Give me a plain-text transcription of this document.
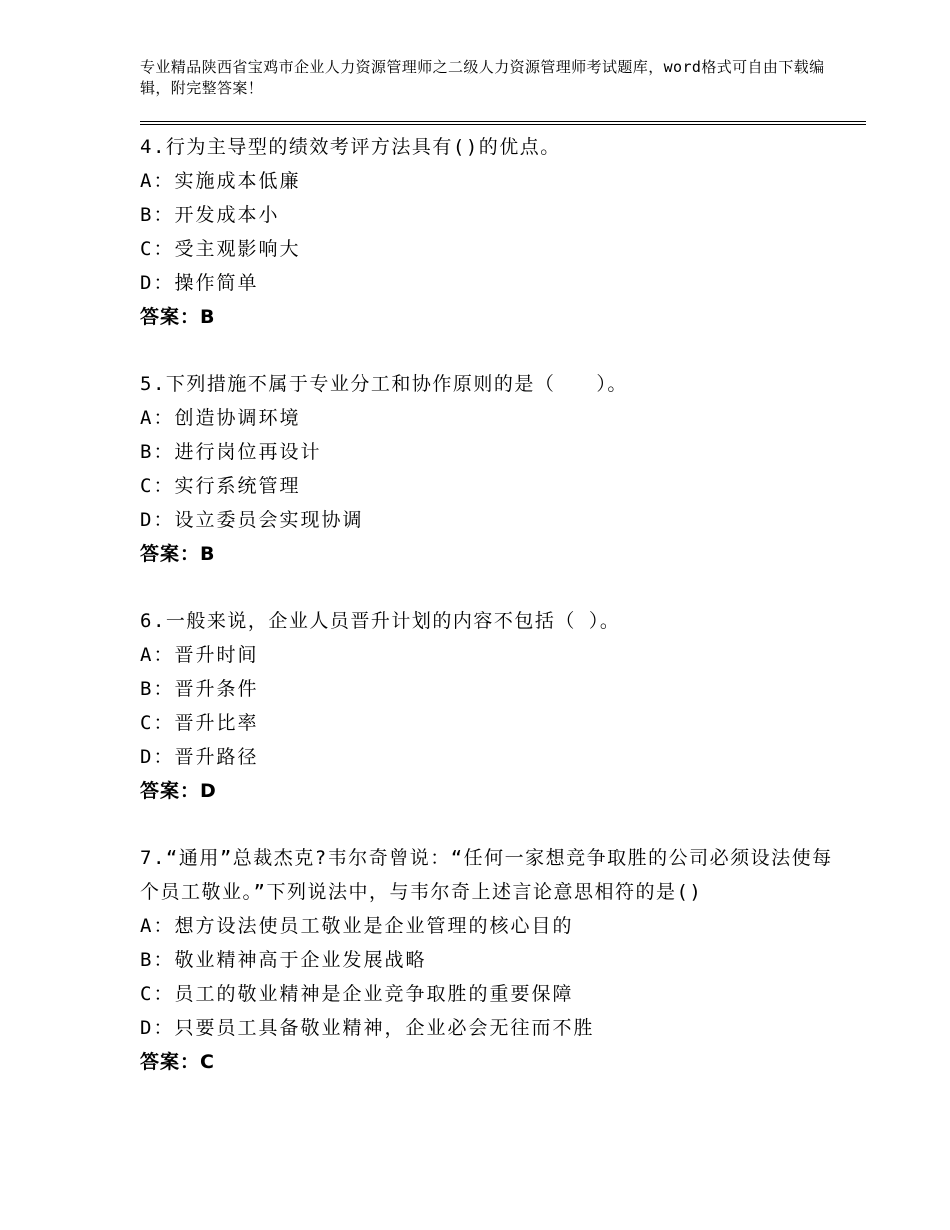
专业精品陕西省宝鸡市企业人力资源管理师之二级人力资源管理师考试题库，word格式可自由下载编辑，附完整答案！
4.行为主导型的绩效考评方法具有()的优点。
A：实施成本低廉
B：开发成本小
C：受主观影响大
D：操作简单
答案：B
5.下列措施不属于专业分工和协作原则的是（　　）。
A：创造协调环境
B：进行岗位再设计
C：实行系统管理
D：设立委员会实现协调
答案：B
6.一般来说，企业人员晋升计划的内容不包括（ ）。
A：晋升时间
B：晋升条件
C：晋升比率
D：晋升路径
答案：D
7.“通用”总裁杰克?韦尔奇曾说：“任何一家想竞争取胜的公司必须设法使每个员工敬业。”下列说法中，与韦尔奇上述言论意思相符的是()
A：想方设法使员工敬业是企业管理的核心目的
B：敬业精神高于企业发展战略
C：员工的敬业精神是企业竞争取胜的重要保障
D：只要员工具备敬业精神，企业必会无往而不胜
答案：C
